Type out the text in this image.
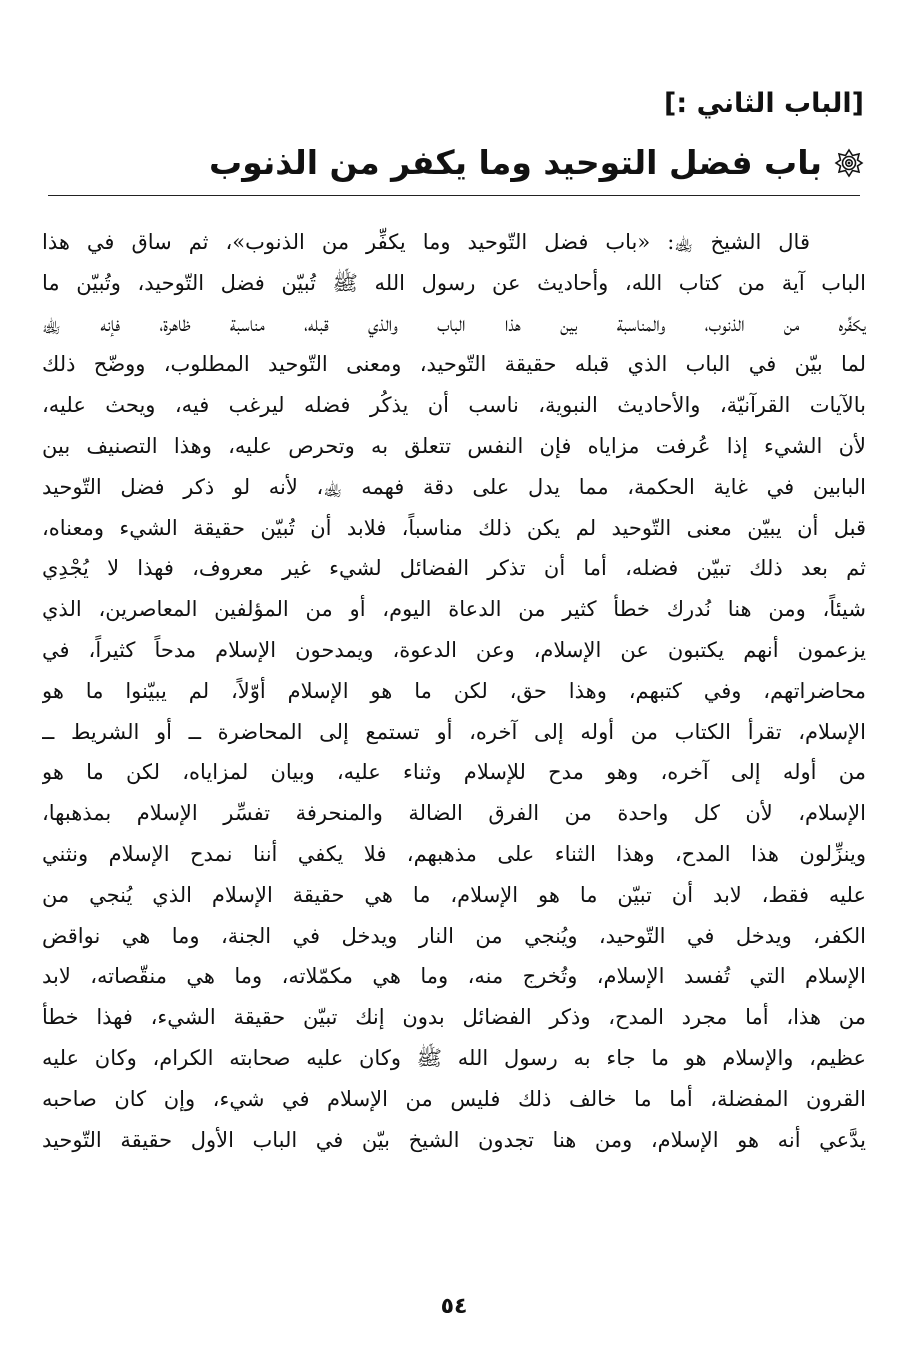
[الباب الثاني :]
باب فضل التوحيد وما يكفر من الذنوب
قال الشيخ ﵀: «باب فضل التّوحيد وما يكفِّر من الذنوب»، ثم ساق في هذا
الباب آية من كتاب الله، وأحاديث عن رسول الله ﷺ تُبيّن فضل التّوحيد، وتُبيّن ما
يكفِّره من الذنوب، والمناسبة بين هذا الباب والذي قبله، مناسبة ظاهرة، فإنه ﵀
لما بيّن في الباب الذي قبله حقيقة التّوحيد، ومعنى التّوحيد المطلوب، ووضّح ذلك
بالآيات القرآنيّة، والأحاديث النبوية، ناسب أن يذكُر فضله ليرغب فيه، ويحث عليه،
لأن الشيء إذا عُرفت مزاياه فإن النفس تتعلق به وتحرص عليه، وهذا التصنيف بين
البابين في غاية الحكمة، مما يدل على دقة فهمه ﵀، لأنه لو ذكر فضل التّوحيد
قبل أن يبيّن معنى التّوحيد لم يكن ذلك مناسباً، فلابد أن تُبيّن حقيقة الشيء ومعناه،
ثم بعد ذلك تبيّن فضله، أما أن تذكر الفضائل لشيء غير معروف، فهذا لا يُجْدِي
شيئاً، ومن هنا نُدرك خطأ كثير من الدعاة اليوم، أو من المؤلفين المعاصرين، الذي
يزعمون أنهم يكتبون عن الإسلام، وعن الدعوة، ويمدحون الإسلام مدحاً كثيراً، في
محاضراتهم، وفي كتبهم، وهذا حق، لكن ما هو الإسلام أوّلاً، لم يبيّنوا ما هو
الإسلام، تقرأ الكتاب من أوله إلى آخره، أو تستمع إلى المحاضرة ــ أو الشريط ــ
من أوله إلى آخره، وهو مدح للإسلام وثناء عليه، وبيان لمزاياه، لكن ما هو
الإسلام، لأن كل واحدة من الفرق الضالة والمنحرفة تفسِّر الإسلام بمذهبها،
وينزِّلون هذا المدح، وهذا الثناء على مذهبهم، فلا يكفي أننا نمدح الإسلام ونثني
عليه فقط، لابد أن تبيّن ما هو الإسلام، ما هي حقيقة الإسلام الذي يُنجي من
الكفر، ويدخل في التّوحيد، ويُنجي من النار ويدخل في الجنة، وما هي نواقض
الإسلام التي تُفسد الإسلام، وتُخرج منه، وما هي مكمّلاته، وما هي منقّصاته، لابد
من هذا، أما مجرد المدح، وذكر الفضائل بدون إنك تبيّن حقيقة الشيء، فهذا خطأ
عظيم، والإسلام هو ما جاء به رسول الله ﷺ وكان عليه صحابته الكرام، وكان عليه
القرون المفضلة، أما ما خالف ذلك فليس من الإسلام في شيء، وإن كان صاحبه
يدَّعي أنه هو الإسلام، ومن هنا تجدون الشيخ بيّن في الباب الأول حقيقة التّوحيد
٥٤
